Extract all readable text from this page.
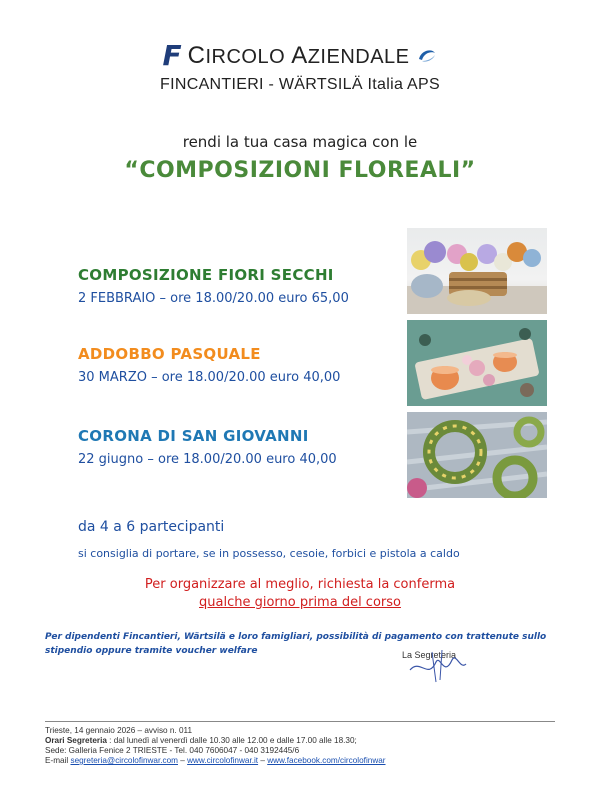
F CIRCOLO AZIENDALE
FINCANTIERI - WÄRTSILÄ Italia APS
rendi la tua casa magica con le
“COMPOSIZIONI FLOREALI”
COMPOSIZIONE FIORI SECCHI
2 FEBBRAIO – ore 18.00/20.00 euro 65,00
ADDOBBO PASQUALE
30 MARZO – ore 18.00/20.00 euro 40,00
CORONA DI SAN GIOVANNI
22 giugno – ore 18.00/20.00 euro 40,00
da 4 a 6 partecipanti
si consiglia di portare, se in possesso, cesoie, forbici e pistola a caldo
Per organizzare al meglio, richiesta la conferma
qualche giorno prima del corso
Per dipendenti Fincantieri, Wärtsilä e loro famigliari, possibilità di pagamento con trattenute sullo stipendio oppure tramite voucher welfare	La Segreteria
Trieste, 14 gennaio 2026 – avviso n. 011
Orari Segreteria : dal lunedì al venerdì dalle 10.30 alle 12.00 e dalle 17.00 alle 18.30;
Sede: Galleria Fenice 2 TRIESTE - Tel. 040 7606047 - 040 3192445/6
E-mail segreteria@circolofinwar.com – www.circolofinwar.it – www.facebook.com/circolofinwar
